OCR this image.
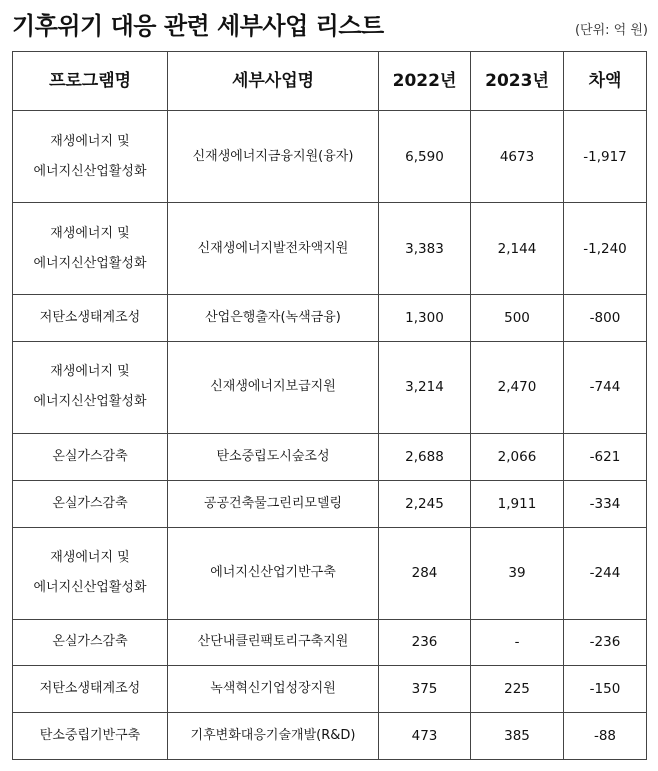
기후위기 대응 관련 세부사업 리스트	(단위: 억 원)
프로그램명	세부사업명	2022년	2023년	차액

재생에너지 및
에너지신산업활성화	신재생에너지금융지원(융자)	6,590	4673	-1,917

재생에너지 및
에너지신산업활성화	신재생에너지발전차액지원	3,383	2,144	-1,240

저탄소생태계조성	산업은행출자(녹색금융)	1,300	500	-800

재생에너지 및
에너지신산업활성화	신재생에너지보급지원	3,214	2,470	-744

온실가스감축	탄소중립도시숲조성	2,688	2,066	-621

온실가스감축	공공건축물그린리모델링	2,245	1,911	-334

재생에너지 및
에너지신산업활성화	에너지신산업기반구축	284	39	-244

온실가스감축	산단내클린팩토리구축지원	236	-	-236

저탄소생태계조성	녹색혁신기업성장지원	375	225	-150

탄소중립기반구축	기후변화대응기술개발(R&D)	473	385	-88
